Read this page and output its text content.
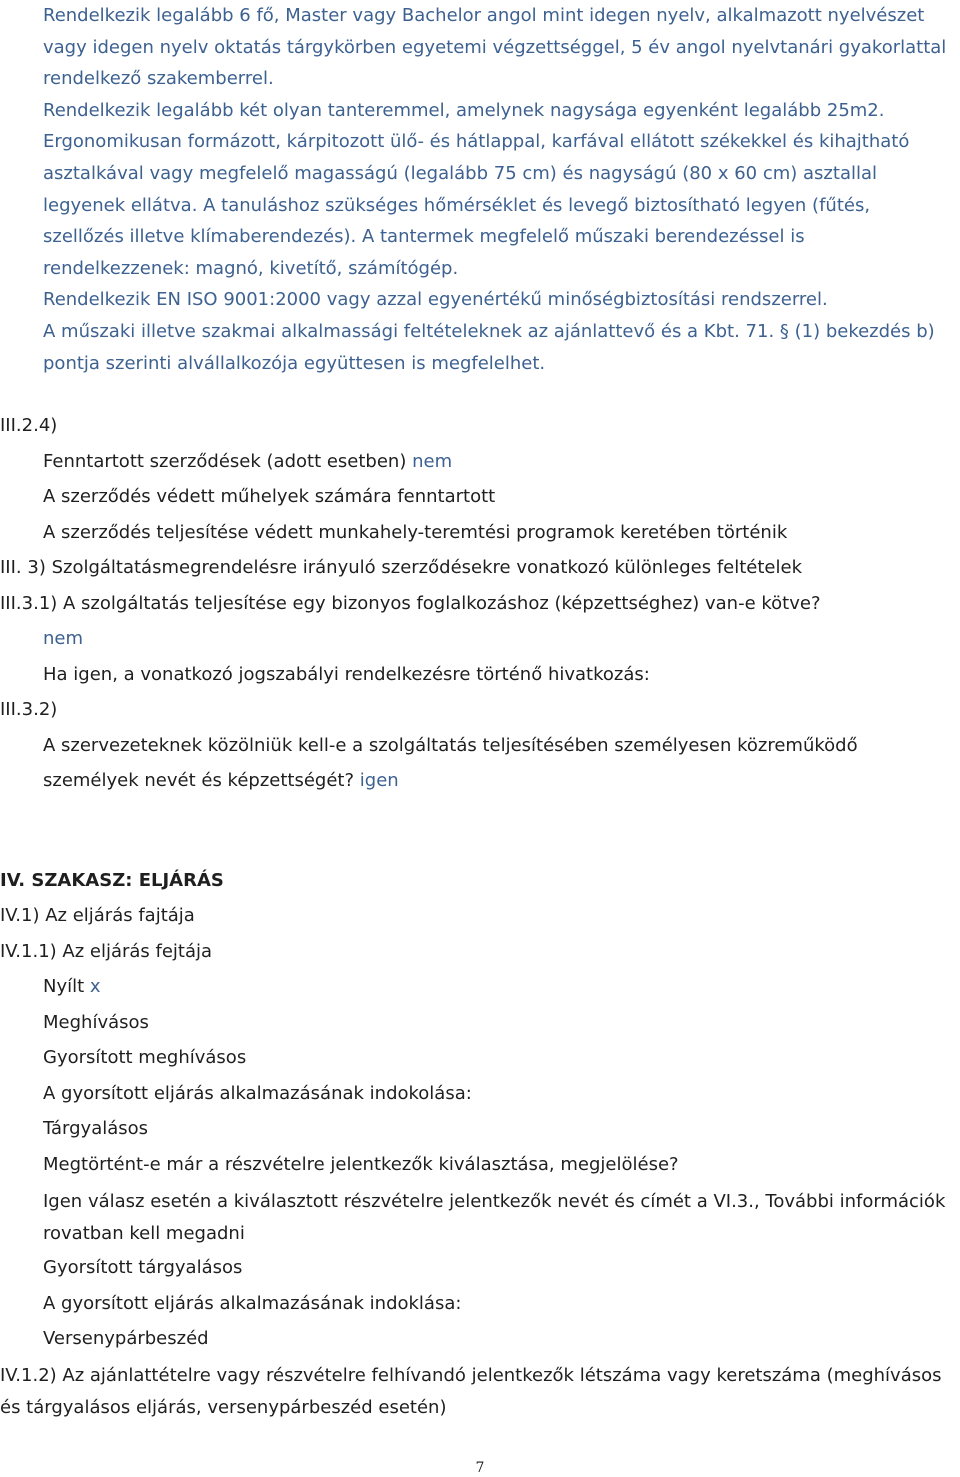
Rendelkezik legalább 6 fő, Master vagy Bachelor angol mint idegen nyelv, alkalmazott nyelvészet
vagy idegen nyelv oktatás tárgykörben egyetemi végzettséggel, 5 év angol nyelvtanári gyakorlattal
rendelkező szakemberrel.
Rendelkezik legalább két olyan tanteremmel, amelynek nagysága egyenként legalább 25m2.
Ergonomikusan formázott, kárpitozott ülő- és hátlappal, karfával ellátott székekkel és kihajtható
asztalkával vagy megfelelő magasságú (legalább 75 cm) és nagyságú (80 x 60 cm) asztallal
legyenek ellátva. A tanuláshoz szükséges hőmérséklet és levegő biztosítható legyen (fűtés,
szellőzés illetve klímaberendezés). A tantermek megfelelő műszaki berendezéssel is
rendelkezzenek: magnó, kivetítő, számítógép.
Rendelkezik EN ISO 9001:2000 vagy azzal egyenértékű minőségbiztosítási rendszerrel.
A műszaki illetve szakmai alkalmassági feltételeknek az ajánlattevő és a Kbt. 71. § (1) bekezdés b)
pontja szerinti alvállalkozója együttesen is megfelelhet.
III.2.4)
Fenntartott szerződések (adott esetben) nem
A szerződés védett műhelyek számára fenntartott
A szerződés teljesítése védett munkahely-teremtési programok keretében történik
III. 3) Szolgáltatásmegrendelésre irányuló szerződésekre vonatkozó különleges feltételek
III.3.1) A szolgáltatás teljesítése egy bizonyos foglalkozáshoz (képzettséghez) van-e kötve?
nem
Ha igen, a vonatkozó jogszabályi rendelkezésre történő hivatkozás:
III.3.2)
A szervezeteknek közölniük kell-e a szolgáltatás teljesítésében személyesen közreműködő
személyek nevét és képzettségét? igen
IV. SZAKASZ: ELJÁRÁS
IV.1) Az eljárás fajtája
IV.1.1) Az eljárás fejtája
Nyílt x
Meghívásos
Gyorsított meghívásos
A gyorsított eljárás alkalmazásának indokolása:
Tárgyalásos
Megtörtént-e már a részvételre jelentkezők kiválasztása, megjelölése?
Igen válasz esetén a kiválasztott részvételre jelentkezők nevét és címét a VI.3., További információk
rovatban kell megadni
Gyorsított tárgyalásos
A gyorsított eljárás alkalmazásának indoklása:
Versenypárbeszéd
IV.1.2) Az ajánlattételre vagy részvételre felhívandó jelentkezők létszáma vagy keretszáma (meghívásos
és tárgyalásos eljárás, versenypárbeszéd esetén)
7
